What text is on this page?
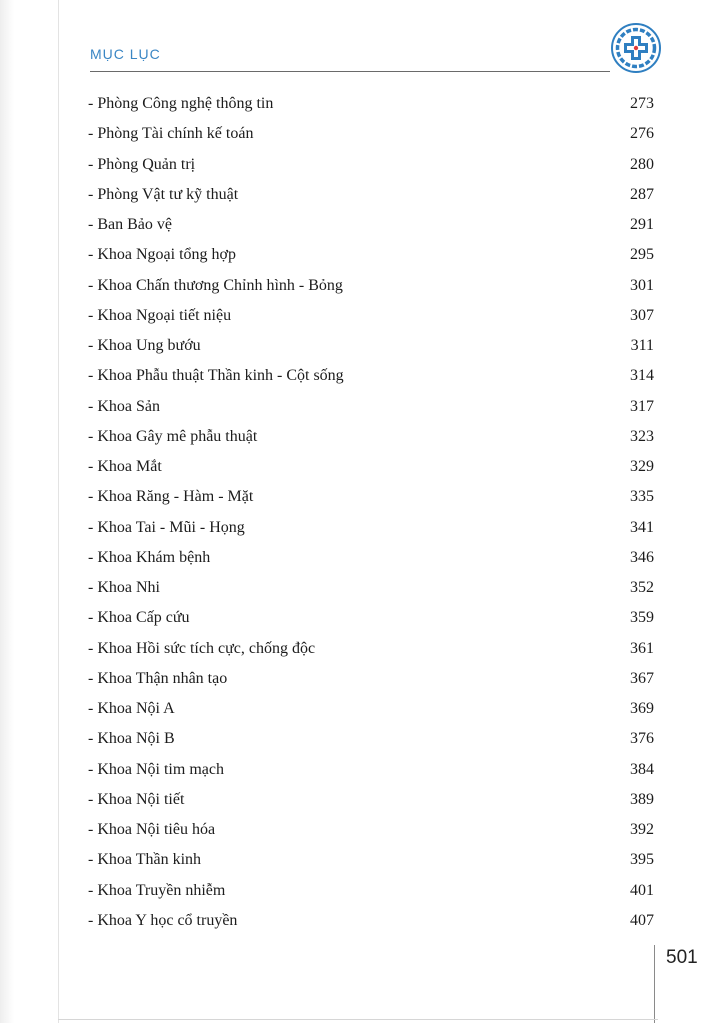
MỤC LỤC
- Phòng Công nghệ thông tin	273
- Phòng Tài chính kế toán	276
- Phòng Quản trị	280
- Phòng Vật tư kỹ thuật	287
- Ban Bảo vệ	291
- Khoa Ngoại tổng hợp	295
- Khoa Chấn thương Chỉnh hình - Bỏng	301
- Khoa Ngoại tiết niệu	307
- Khoa Ung bướu	311
- Khoa Phẫu thuật Thần kinh - Cột sống	314
- Khoa Sản	317
- Khoa Gây mê phẫu thuật	323
- Khoa Mắt	329
- Khoa Răng - Hàm - Mặt	335
- Khoa Tai - Mũi - Họng	341
- Khoa Khám bệnh	346
- Khoa Nhi	352
- Khoa Cấp cứu	359
- Khoa Hồi sức tích cực, chống độc	361
- Khoa Thận nhân tạo	367
- Khoa Nội A	369
- Khoa Nội B	376
- Khoa Nội tim mạch	384
- Khoa Nội tiết	389
- Khoa Nội tiêu hóa	392
- Khoa Thần kinh	395
- Khoa Truyền nhiễm	401
- Khoa Y học cổ truyền	407
501
